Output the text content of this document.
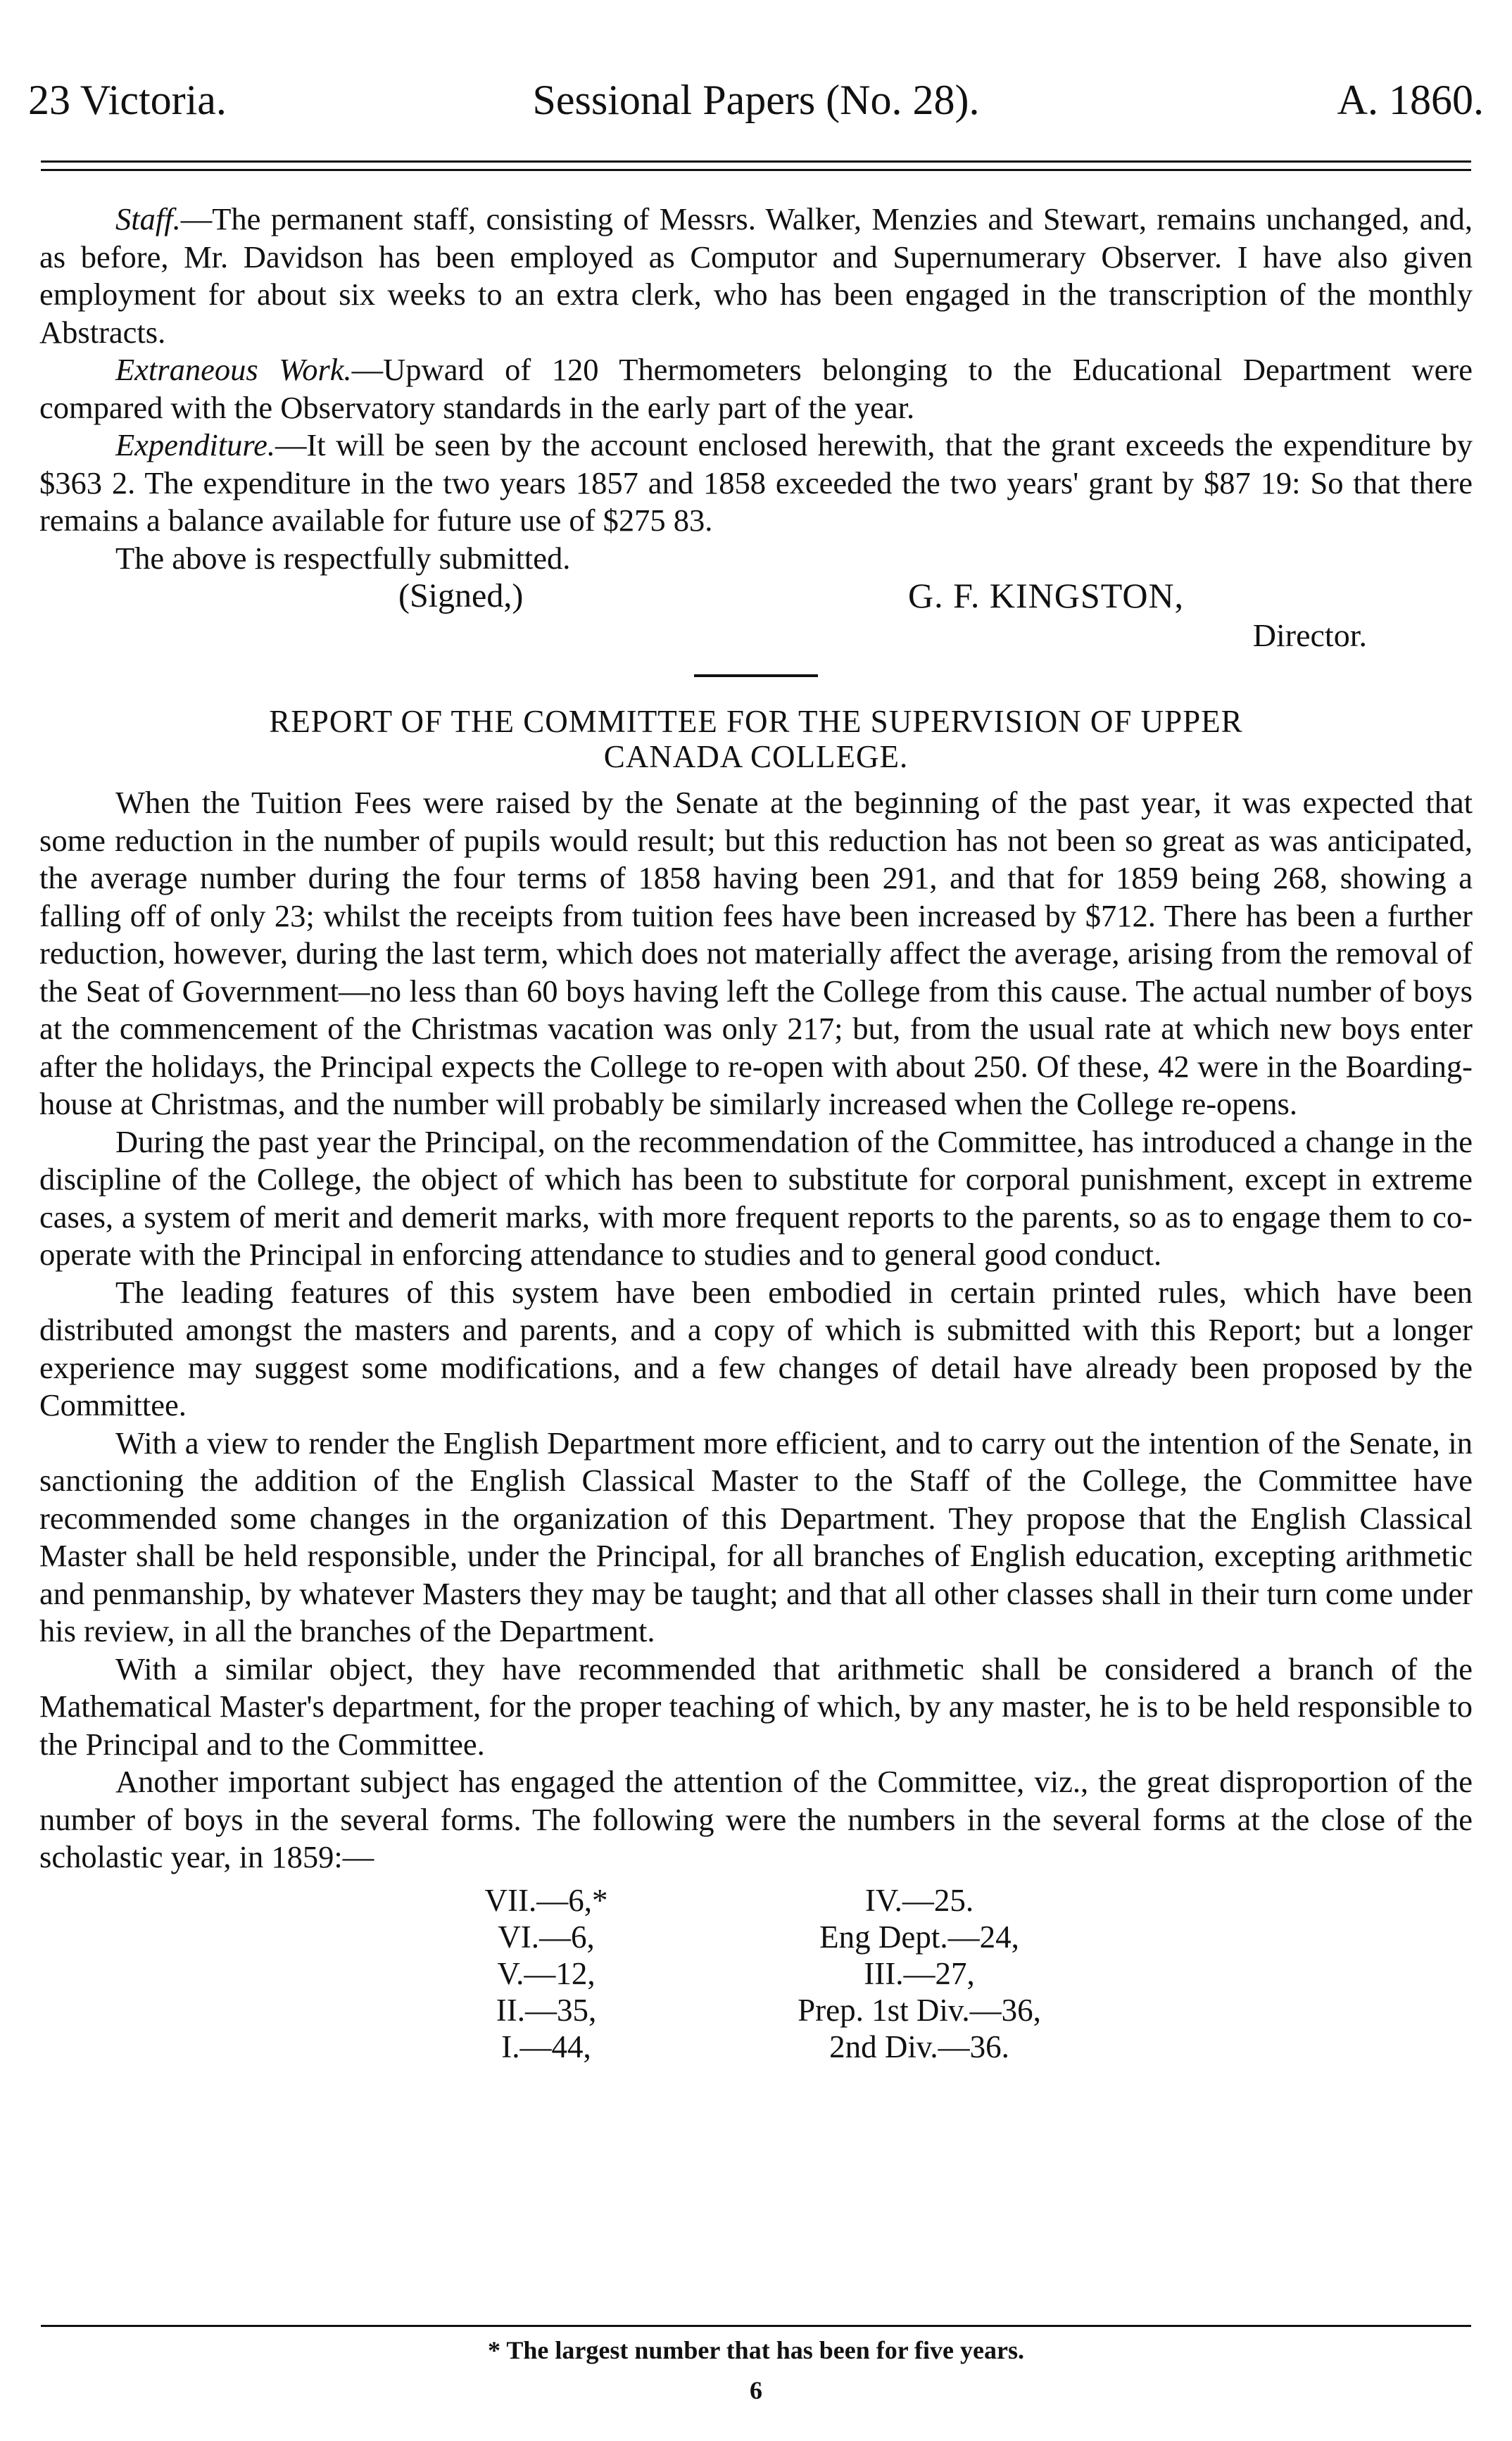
23 Victoria.	Sessional Papers (No. 28).	A. 1860.

Staff.—The permanent staff, consisting of Messrs. Walker, Menzies and Stewart, remains unchanged, and, as before, Mr. Davidson has been employed as Computor and Supernumerary Observer. I have also given employment for about six weeks to an extra clerk, who has been engaged in the transcription of the monthly Abstracts.

Extraneous Work.—Upward of 120 Thermometers belonging to the Educational Department were compared with the Observatory standards in the early part of the year.

Expenditure.—It will be seen by the account enclosed herewith, that the grant exceeds the expenditure by $363 2. The expenditure in the two years 1857 and 1858 exceeded the two years' grant by $87 19: So that there remains a balance available for future use of $275 83.

The above is respectfully submitted.

(Signed,)	G. F. KINGSTON,
Director.
REPORT OF THE COMMITTEE FOR THE SUPERVISION OF UPPER
CANADA COLLEGE.

When the Tuition Fees were raised by the Senate at the beginning of the past year, it was expected that some reduction in the number of pupils would result; but this reduction has not been so great as was anticipated, the average number during the four terms of 1858 having been 291, and that for 1859 being 268, showing a falling off of only 23; whilst the receipts from tuition fees have been increased by $712. There has been a further reduction, however, during the last term, which does not materially affect the average, arising from the removal of the Seat of Government—no less than 60 boys having left the College from this cause. The actual number of boys at the commencement of the Christmas vacation was only 217; but, from the usual rate at which new boys enter after the holidays, the Principal expects the College to re-open with about 250. Of these, 42 were in the Boarding-house at Christmas, and the number will probably be similarly increased when the College re-opens.

During the past year the Principal, on the recommendation of the Committee, has introduced a change in the discipline of the College, the object of which has been to substitute for corporal punishment, except in extreme cases, a system of merit and demerit marks, with more frequent reports to the parents, so as to engage them to co-operate with the Principal in enforcing attendance to studies and to general good conduct.

The leading features of this system have been embodied in certain printed rules, which have been distributed amongst the masters and parents, and a copy of which is submitted with this Report; but a longer experience may suggest some modifications, and a few changes of detail have already been proposed by the Committee.

With a view to render the English Department more efficient, and to carry out the intention of the Senate, in sanctioning the addition of the English Classical Master to the Staff of the College, the Committee have recommended some changes in the organization of this Department. They propose that the English Classical Master shall be held responsible, under the Principal, for all branches of English education, excepting arithmetic and penmanship, by whatever Masters they may be taught; and that all other classes shall in their turn come under his review, in all the branches of the Department.

With a similar object, they have recommended that arithmetic shall be considered a branch of the Mathematical Master's department, for the proper teaching of which, by any master, he is to be held responsible to the Principal and to the Committee.

Another important subject has engaged the attention of the Committee, viz., the great disproportion of the number of boys in the several forms. The following were the numbers in the several forms at the close of the scholastic year, in 1859:—

VII.—6,*	IV.—25.
VI.—6,	Eng Dept.—24,
V.—12,	III.—27,
II.—35,	Prep. 1st Div.—36,
I.—44,	2nd Div.—36.
* The largest number that has been for five years.
6
